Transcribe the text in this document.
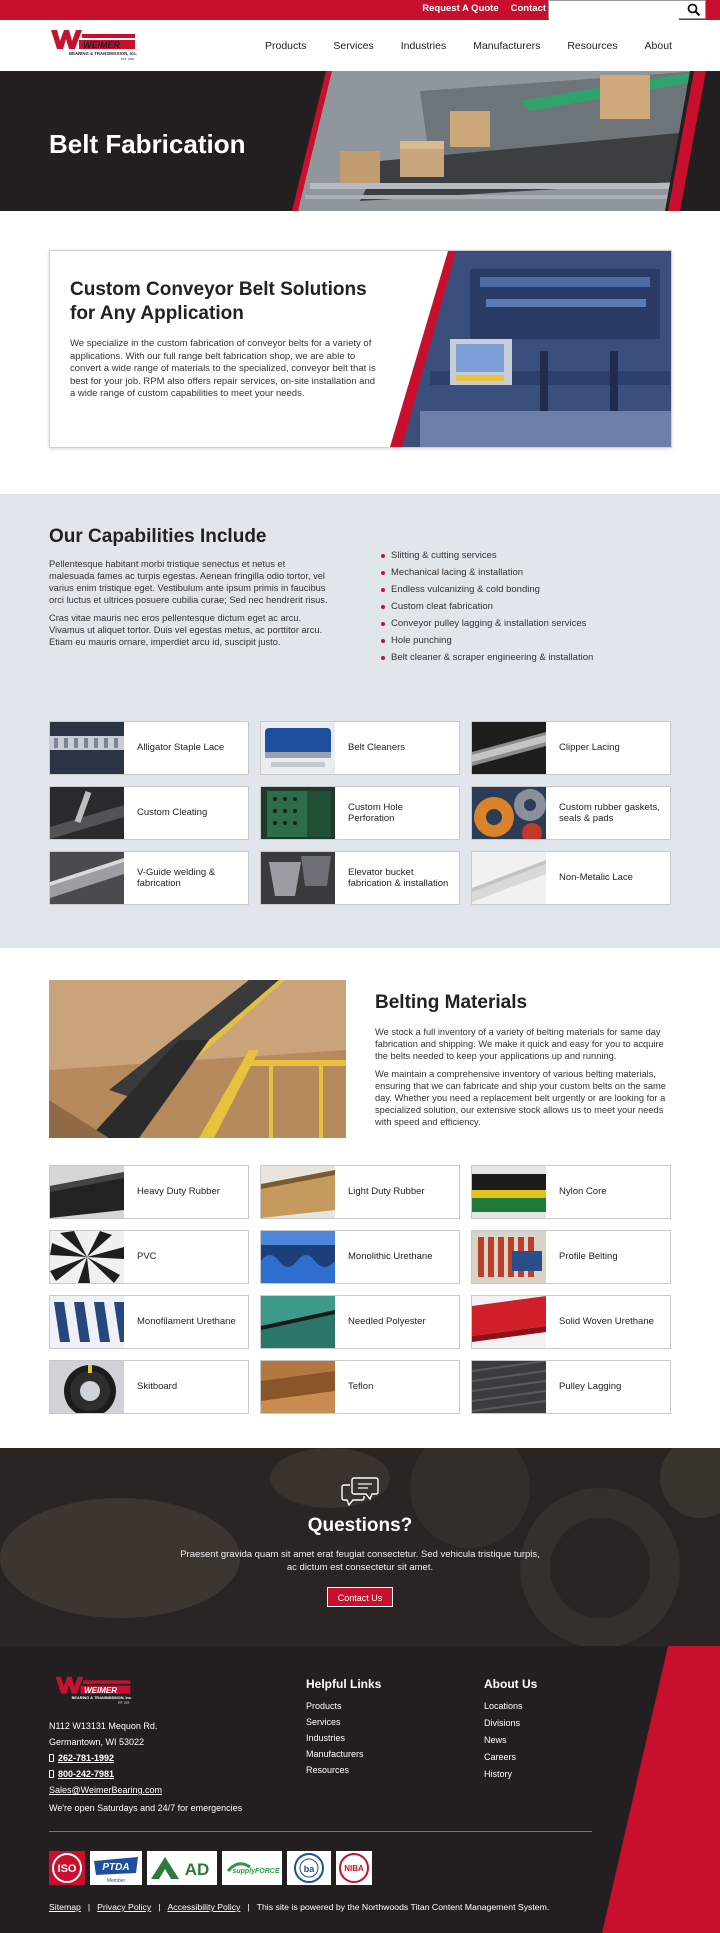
Request A Quote Contact
WEIMER
BEARING & TRANSMISSION, Inc.
EST. 1929
Products	Services	Industries	Manufacturers	Resources	About
Belt Fabrication
Custom Conveyor Belt Solutions for Any Application

We specialize in the custom fabrication of conveyor belts for a variety of applications. With our full range belt fabrication shop, we are able to convert a wide range of materials to the specialized, conveyor belt that is best for your job. RPM also offers repair services, on-site installation and a wide range of custom capabilities to meet your needs.

Our Capabilities Include

Pellentesque habitant morbi tristique senectus et netus et malesuada fames ac turpis egestas. Aenean fringilla odio tortor, vel varius enim tristique eget. Vestibulum ante ipsum primis in faucibus orci luctus et ultrices posuere cubilia curae; Sed nec hendrerit risus.

Cras vitae mauris nec eros pellentesque dictum eget ac arcu. Vivamus ut aliquet tortor. Duis vel egestas metus, ac porttitor arcu. Etiam eu mauris ornare, imperdiet arcu id, suscipit justo.

Slitting & cutting services
Mechanical lacing & installation
Endless vulcanizing & cold bonding
Custom cleat fabrication
Conveyor pulley lagging & installation services
Hole punching
Belt cleaner & scraper engineering & installation
Alligator Staple Lace	Belt Cleaners	Clipper Lacing
Custom Cleating
Custom Hole Perforation
Custom rubber gaskets, seals & pads
V-Guide welding & fabrication
Elevator bucket fabrication & installation
Non-Metalic Lace
Belting Materials

We stock a full inventory of a variety of belting materials for same day fabrication and shipping. We make it quick and easy for you to acquire the belts needed to keep your applications up and running.

We maintain a comprehensive inventory of various belting materials, ensuring that we can fabricate and ship your custom belts on the same day. Whether you need a replacement belt urgently or are looking for a specialized solution, our extensive stock allows us to meet your needs with speed and efficiency.

Heavy Duty Rubber	Light Duty Rubber	Nylon Core
PVC	Monolithic Urethane	Profile Belting
Monofilament Urethane	Needled Polyester	Solid Woven Urethane
Skitboard	Teflon	Pulley Lagging
Questions?

Praesent gravida quam sit amet erat feugiat consectetur. Sed vehicula tristique turpis, ac dictum est consectetur sit amet.

Contact Us
WEIMER
BEARING & TRANSMISSION, Inc.
EST. 1929
N112 W13131 Mequon Rd.
Germantown, WI 53022
262-781-1992
800-242-7981
Sales@WeimerBearing.com
We're open Saturdays and 24/7 for emergencies
Helpful Links
Products
Services
Industries
Manufacturers
Resources
About Us
Locations
Divisions
News
Careers
History
ISO	PTDA
Member
AD	supplyFORCE	ba	NIBA
Sitemap | Privacy Policy | Accessibility Policy | This site is powered by the Northwoods Titan Content Management System.
